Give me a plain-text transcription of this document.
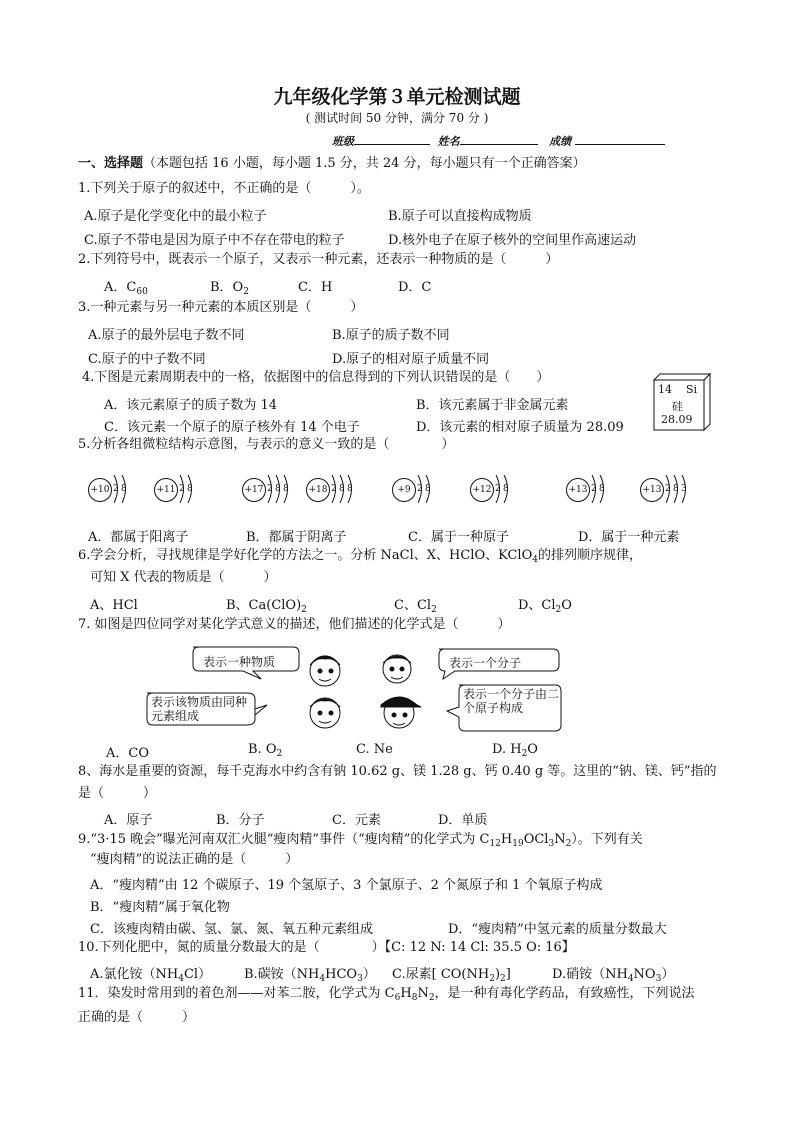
九年级化学第３单元检测试题
( 测试时间 50 分钟，满分 70 分 )
班级	姓名	成绩
一、选择题（本题包括 16 小题，每小题 1.5 分，共 24 分，每小题只有一个正确答案）
1.下列关于原子的叙述中，不正确的是（　　　）。
A.原子是化学变化中的最小粒子	B.原子可以直接构成物质
C.原子不带电是因为原子中不存在带电的粒子	D.核外电子在原子核外的空间里作高速运动
2.下列符号中，既表示一个原子，又表示一种元素，还表示一种物质的是（　　　）
A．$C_{60}$	B．$O_2$	C．H	D．C
3.一种元素与另一种元素的本质区别是（　　　）
A.原子的最外层电子数不同	B.原子的质子数不同
C.原子的中子数不同	D.原子的相对原子质量不同
4.下图是元素周期表中的一格，依据图中的信息得到的下列认识错误的是（　　）
A．该元素原子的质子数为 14	B．该元素属于非金属元素
C．该元素一个原子的原子核外有 14 个电子	D．该元素的相对原子质量为 28.09
14 Si
硅
28.09
5.分析各组微粒结构示意图，与表示的意义一致的是（　　　　）
+10 2 8	+11 2 8	+17 2 8 8 +18 2 8 8	+9 2 8	+12 2 8	+13 2 8	+13 2 8 3
A．都属于阳离子	B．都属于阴离子	C．属于一种原子	D．属于一种元素
6.学会分析，寻找规律是学好化学的方法之一。分析 NaCl、X、HClO、KClO$_4$的排列顺序规律，
可知 X 代表的物质是（　　　）
A、HCl	B、$Ca(ClO)_2$	C、$Cl_2$	D、$Cl_2O$
7. 如图是四位同学对某化学式意义的描述，他们描述的化学式是（　　　）
表示一种物质	表示一个分子
表示该物质由同种元素组成
表示一个分子由二个原子构成
A．CO	B. $O_2$	C. Ne	D. $H_2O$
8、海水是重要的资源，每千克海水中约含有钠 10.62 g、镁 1.28 g、钙 0.40 g 等。这里的“钠、镁、钙”指的
是（　　　）
A．原子	B．分子	C．元素	D．单质
9.“3·15 晚会”曝光河南双汇火腿“瘦肉精”事件（“瘦肉精”的化学式为 $C_{12}H_{19}OCl_3N_2$）。下列有关
“瘦肉精”的说法正确的是（　　　）
A．“瘦肉精”由 12 个碳原子、19 个氢原子、3 个氯原子、2 个氮原子和 1 个氧原子构成
B．“瘦肉精”属于氧化物
C．该瘦肉精由碳、氢、氯、氮、氧五种元素组成	D．“瘦肉精”中氢元素的质量分数最大
10.下列化肥中，氮的质量分数最大的是（　　　　）【C: 12 N: 14 Cl: 35.5 O: 16】
A.氯化铵$(NH_4Cl)$	B.碳铵$(NH_4HCO_3)$ C.尿素[ $CO(NH_2)_2$]	D.硝铵$(NH_4NO_3)$
11．染发时常用到的着色剂——对苯二胺，化学式为 $C_6H_8N_2$，是一种有毒化学药品，有致癌性，下列说法
正确的是（　　　）
